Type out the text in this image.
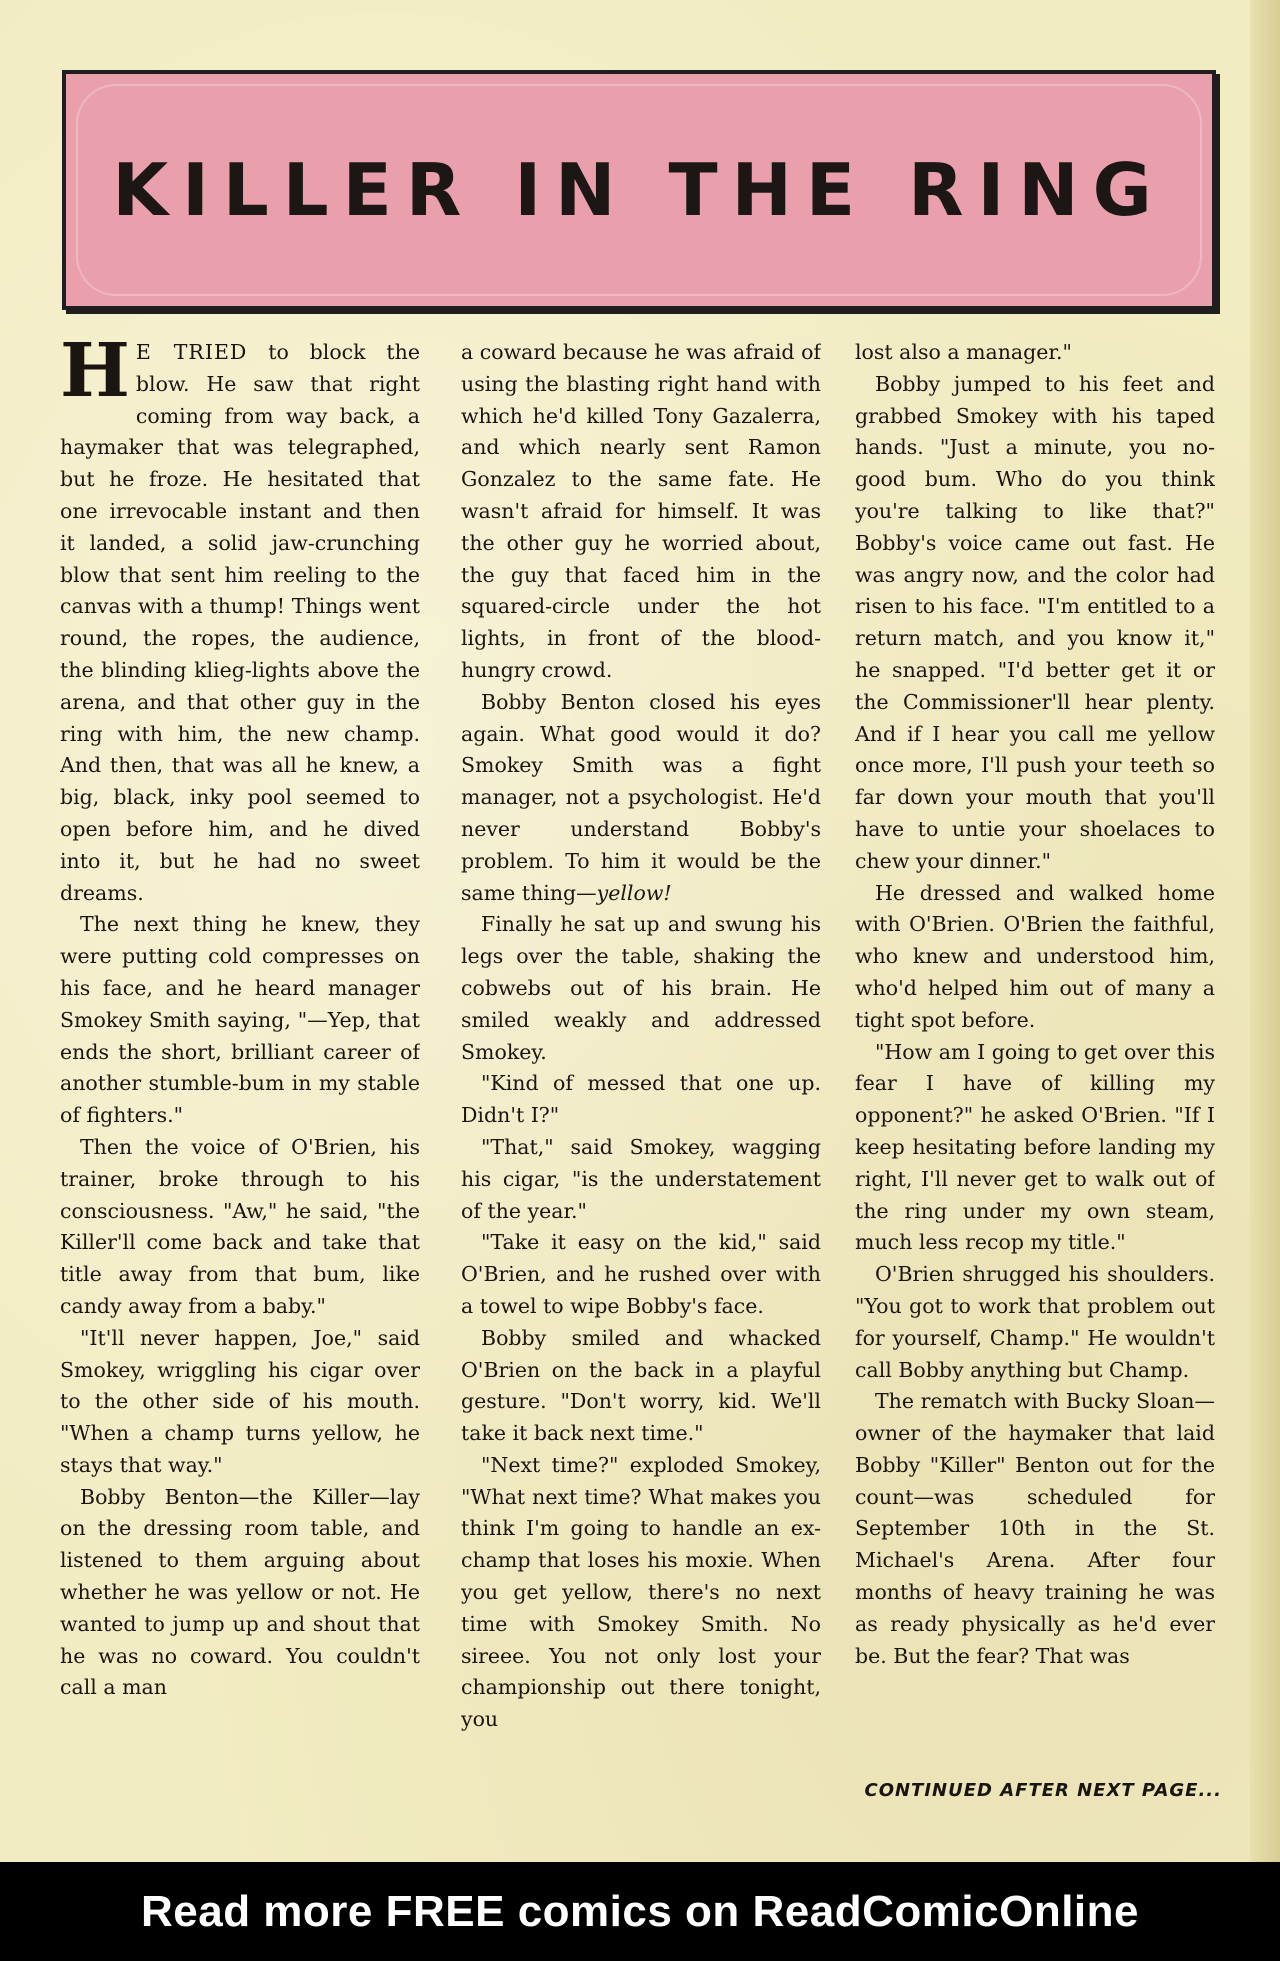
KILLER IN THE RING

H E TRIED to block the blow. He saw that right coming from way back, a haymaker that was telegraphed, but he froze. He hesitated that one irrevocable instant and then it landed, a solid jaw-crunching blow that sent him reeling to the canvas with a thump! Things went round, the ropes, the audience, the blinding klieg-lights above the arena, and that other guy in the ring with him, the new champ. And then, that was all he knew, a big, black, inky pool seemed to open before him, and he dived into it, but he had no sweet dreams.

The next thing he knew, they were putting cold compresses on his face, and he heard manager Smokey Smith saying, "—Yep, that ends the short, brilliant career of another stumble-bum in my stable of fighters."

Then the voice of O'Brien, his trainer, broke through to his consciousness. "Aw," he said, "the Killer'll come back and take that title away from that bum, like candy away from a baby."

"It'll never happen, Joe," said Smokey, wriggling his cigar over to the other side of his mouth. "When a champ turns yellow, he stays that way."

Bobby Benton—the Killer—lay on the dressing room table, and listened to them arguing about whether he was yellow or not. He wanted to jump up and shout that he was no coward. You couldn't call a man

a coward because he was afraid of using the blasting right hand with which he'd killed Tony Gazalerra, and which nearly sent Ramon Gonzalez to the same fate. He wasn't afraid for himself. It was the other guy he worried about, the guy that faced him in the squared-circle under the hot lights, in front of the blood-hungry crowd.

Bobby Benton closed his eyes again. What good would it do? Smokey Smith was a fight manager, not a psychologist. He'd never understand Bobby's problem. To him it would be the same thing—yellow!

Finally he sat up and swung his legs over the table, shaking the cobwebs out of his brain. He smiled weakly and addressed Smokey.

"Kind of messed that one up. Didn't I?"

"That," said Smokey, wagging his cigar, "is the understatement of the year."

"Take it easy on the kid," said O'Brien, and he rushed over with a towel to wipe Bobby's face.

Bobby smiled and whacked O'Brien on the back in a playful gesture. "Don't worry, kid. We'll take it back next time."

"Next time?" exploded Smokey, "What next time? What makes you think I'm going to handle an ex-champ that loses his moxie. When you get yellow, there's no next time with Smokey Smith. No sireee. You not only lost your championship out there tonight, you

lost also a manager."

Bobby jumped to his feet and grabbed Smokey with his taped hands. "Just a minute, you no-good bum. Who do you think you're talking to like that?" Bobby's voice came out fast. He was angry now, and the color had risen to his face. "I'm entitled to a return match, and you know it," he snapped. "I'd better get it or the Commissioner'll hear plenty. And if I hear you call me yellow once more, I'll push your teeth so far down your mouth that you'll have to untie your shoelaces to chew your dinner."

He dressed and walked home with O'Brien. O'Brien the faithful, who knew and understood him, who'd helped him out of many a tight spot before.

"How am I going to get over this fear I have of killing my opponent?" he asked O'Brien. "If I keep hesitating before landing my right, I'll never get to walk out of the ring under my own steam, much less recop my title."

O'Brien shrugged his shoulders. "You got to work that problem out for yourself, Champ." He wouldn't call Bobby anything but Champ.

The rematch with Bucky Sloan—owner of the haymaker that laid Bobby "Killer" Benton out for the count—was scheduled for September 10th in the St. Michael's Arena. After four months of heavy training he was as ready physically as he'd ever be. But the fear? That was

CONTINUED AFTER NEXT PAGE...
Read more FREE comics on ReadComicOnline
